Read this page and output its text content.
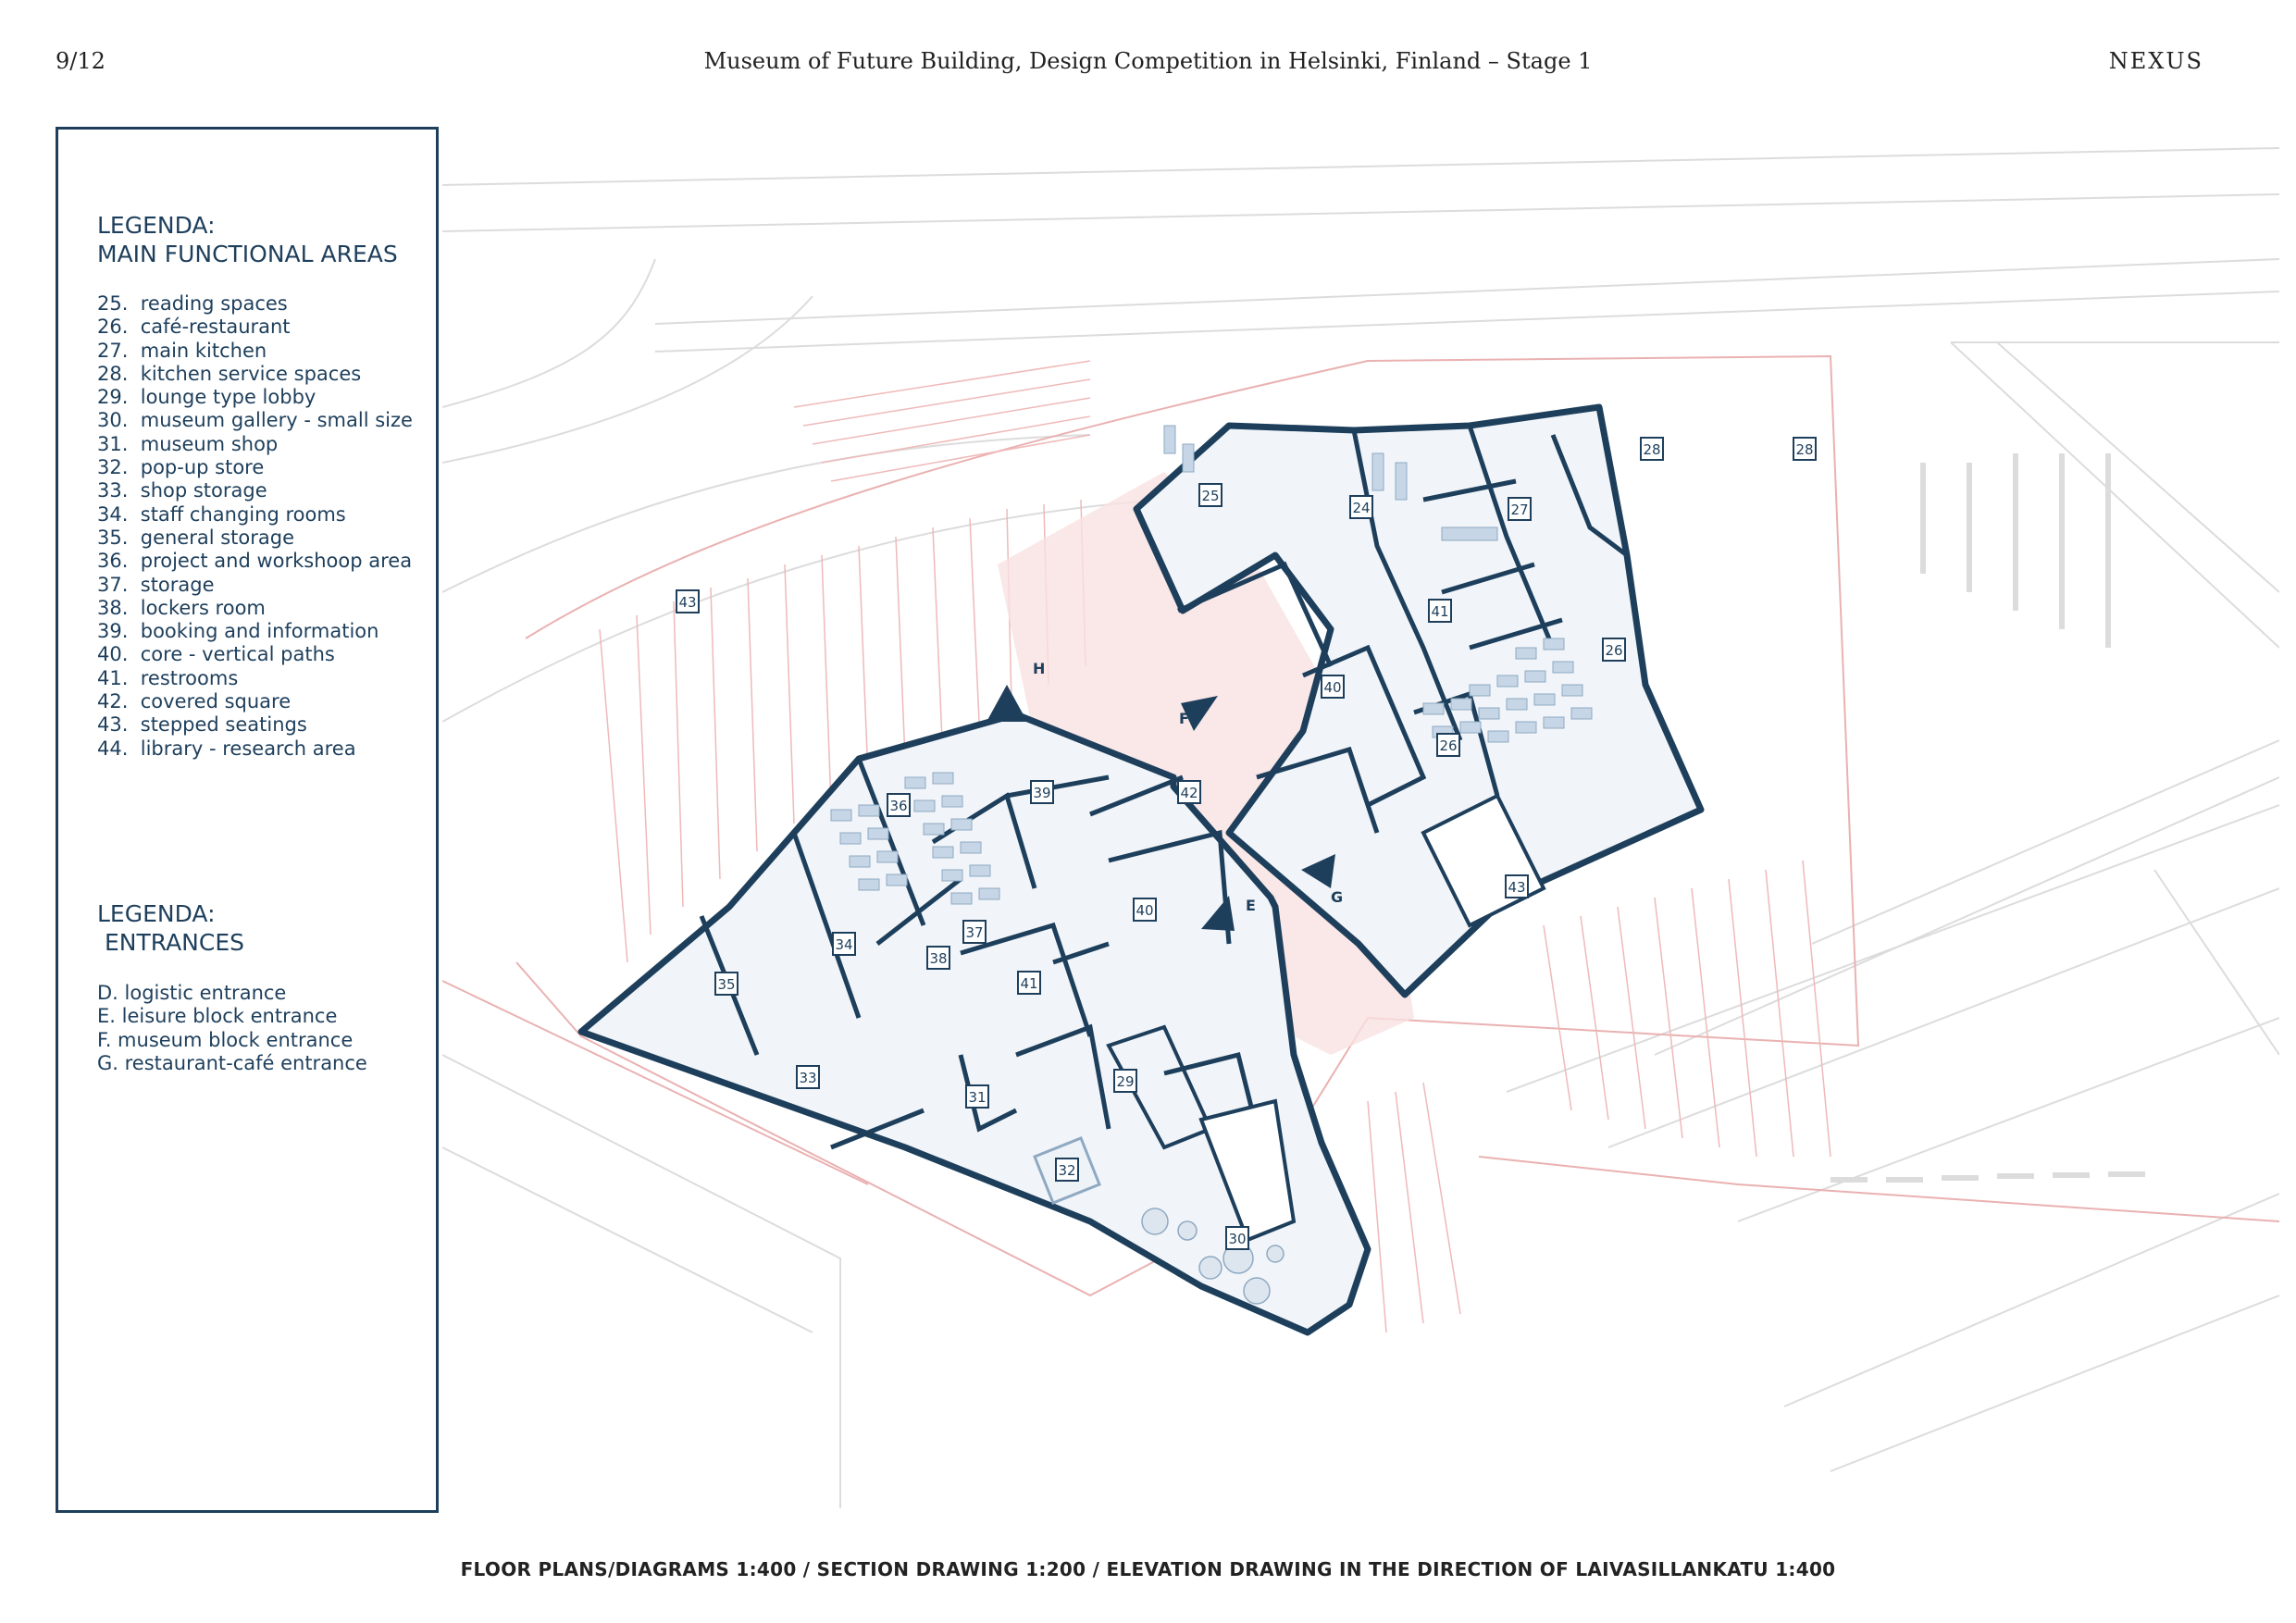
9/12	Museum of Future Building, Design Competition in Helsinki, Finland – Stage 1	NEXUS
LEGENDA:
MAIN FUNCTIONAL AREAS
25.  reading spaces
26.  café-restaurant
27.  main kitchen
28.  kitchen service spaces
29.  lounge type lobby
30.  museum gallery - small size
31.  museum shop
32.  pop-up store
33.  shop storage
34.  staff changing rooms
35.  general storage
36.  project and workshoop area
37.  storage
38.  lockers room
39.  booking and information
40.  core - vertical paths
41.  restrooms
42.  covered square
43.  stepped seatings
44.  library - research area
LEGENDA:
ENTRANCES
D. logistic entrance
E. leisure block entrance
F. museum block entrance
G. restaurant-café entrance
25
24
28
27
28
41
26
40
26
43
42
39
36
40
37
34
38
35	41
33
31
29
32
30
43
H
F
E	G
FLOOR PLANS/DIAGRAMS 1:400 / SECTION DRAWING 1:200 / ELEVATION DRAWING IN THE DIRECTION OF LAIVASILLANKATU 1:400
